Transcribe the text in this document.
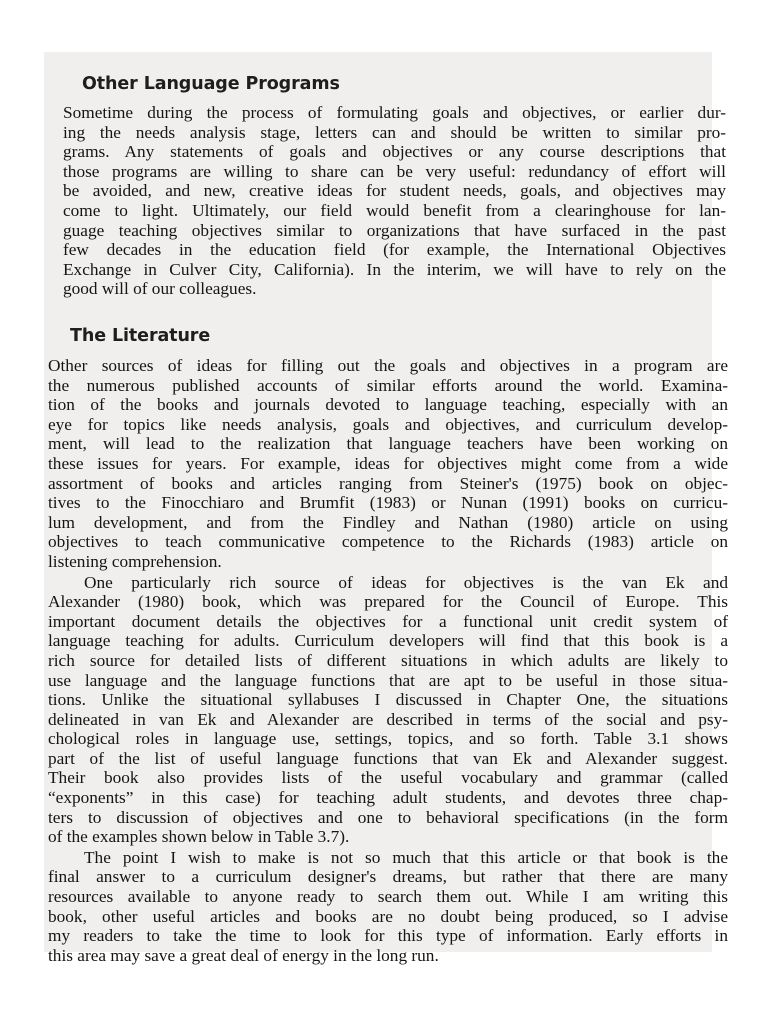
Other Language Programs

Sometime during the process of formulating goals and objectives, or earlier dur-
ing the needs analysis stage, letters can and should be written to similar pro-
grams. Any statements of goals and objectives or any course descriptions that
those programs are willing to share can be very useful: redundancy of effort will
be avoided, and new, creative ideas for student needs, goals, and objectives may
come to light. Ultimately, our field would benefit from a clearinghouse for lan-
guage teaching objectives similar to organizations that have surfaced in the past
few decades in the education field (for example, the International Objectives
Exchange in Culver City, California). In the interim, we will have to rely on the
good will of our colleagues.

The Literature

Other sources of ideas for filling out the goals and objectives in a program are
the numerous published accounts of similar efforts around the world. Examina-
tion of the books and journals devoted to language teaching, especially with an
eye for topics like needs analysis, goals and objectives, and curriculum develop-
ment, will lead to the realization that language teachers have been working on
these issues for years. For example, ideas for objectives might come from a wide
assortment of books and articles ranging from Steiner's (1975) book on objec-
tives to the Finocchiaro and Brumfit (1983) or Nunan (1991) books on curricu-
lum development, and from the Findley and Nathan (1980) article on using
objectives to teach communicative competence to the Richards (1983) article on
listening comprehension.

One particularly rich source of ideas for objectives is the van Ek and
Alexander (1980) book, which was prepared for the Council of Europe. This
important document details the objectives for a functional unit credit system of
language teaching for adults. Curriculum developers will find that this book is a
rich source for detailed lists of different situations in which adults are likely to
use language and the language functions that are apt to be useful in those situa-
tions. Unlike the situational syllabuses I discussed in Chapter One, the situations
delineated in van Ek and Alexander are described in terms of the social and psy-
chological roles in language use, settings, topics, and so forth. Table 3.1 shows
part of the list of useful language functions that van Ek and Alexander suggest.
Their book also provides lists of the useful vocabulary and grammar (called
“exponents” in this case) for teaching adult students, and devotes three chap-
ters to discussion of objectives and one to behavioral specifications (in the form
of the examples shown below in Table 3.7).

The point I wish to make is not so much that this article or that book is the
final answer to a curriculum designer's dreams, but rather that there are many
resources available to anyone ready to search them out. While I am writing this
book, other useful articles and books are no doubt being produced, so I advise
my readers to take the time to look for this type of information. Early efforts in
this area may save a great deal of energy in the long run.
